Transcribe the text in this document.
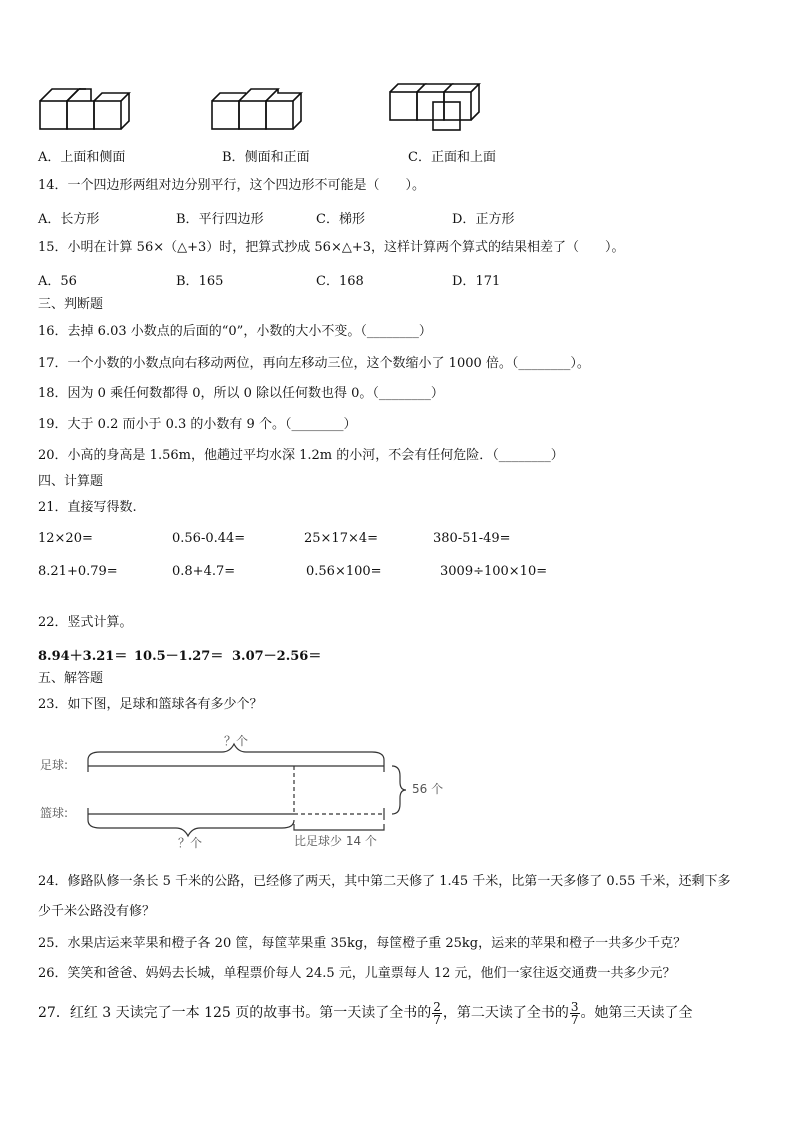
A．上面和侧面	B．侧面和正面	C．正面和上面
14．一个四边形两组对边分别平行，这个四边形不可能是（　　）。
A．长方形	B．平行四边形	C．梯形	D．正方形
15．小明在计算 56×（△+3）时，把算式抄成 56×△+3，这样计算两个算式的结果相差了（　　）。
A．56	B．165	C．168	D．171
三、判断题
16．去掉 6.03 小数点的后面的“0”，小数的大小不变。（________）
17．一个小数的小数点向右移动两位，再向左移动三位，这个数缩小了 1000 倍。（________）。
18．因为 0 乘任何数都得 0，所以 0 除以任何数也得 0。（________）
19．大于 0.2 而小于 0.3 的小数有 9 个。（________）
20．小高的身高是 1.56m，他趟过平均水深 1.2m 的小河，不会有任何危险．（________）
四、计算题
21．直接写得数.
12×20=	0.56-0.44=	25×17×4=	380-51-49=
8.21+0.79=	0.8+4.7=	0.56×100=	3009÷100×10=
22．竖式计算。
8.94＋3.21＝ 10.5－1.27＝ 3.07－2.56＝
五、解答题
23．如下图，足球和篮球各有多少个？
足球:
篮球:
？个
56 个
？个	比足球少 14 个
24．修路队修一条长 5 千米的公路，已经修了两天，其中第二天修了 1.45 千米，比第一天多修了 0.55 千米，还剩下多
少千米公路没有修？
25．水果店运来苹果和橙子各 20 筐，每筐苹果重 35kg，每筐橙子重 25kg，运来的苹果和橙子一共多少千克？
26．笑笑和爸爸、妈妈去长城，单程票价每人 24.5 元，儿童票每人 12 元，他们一家往返交通费一共多少元？
27．红红 3 天读完了一本 125 页的故事书。第一天读了全书的 $\frac{2}{7}$ ，第二天读了全书的 $\frac{3}{7}$ 。她第三天读了全
